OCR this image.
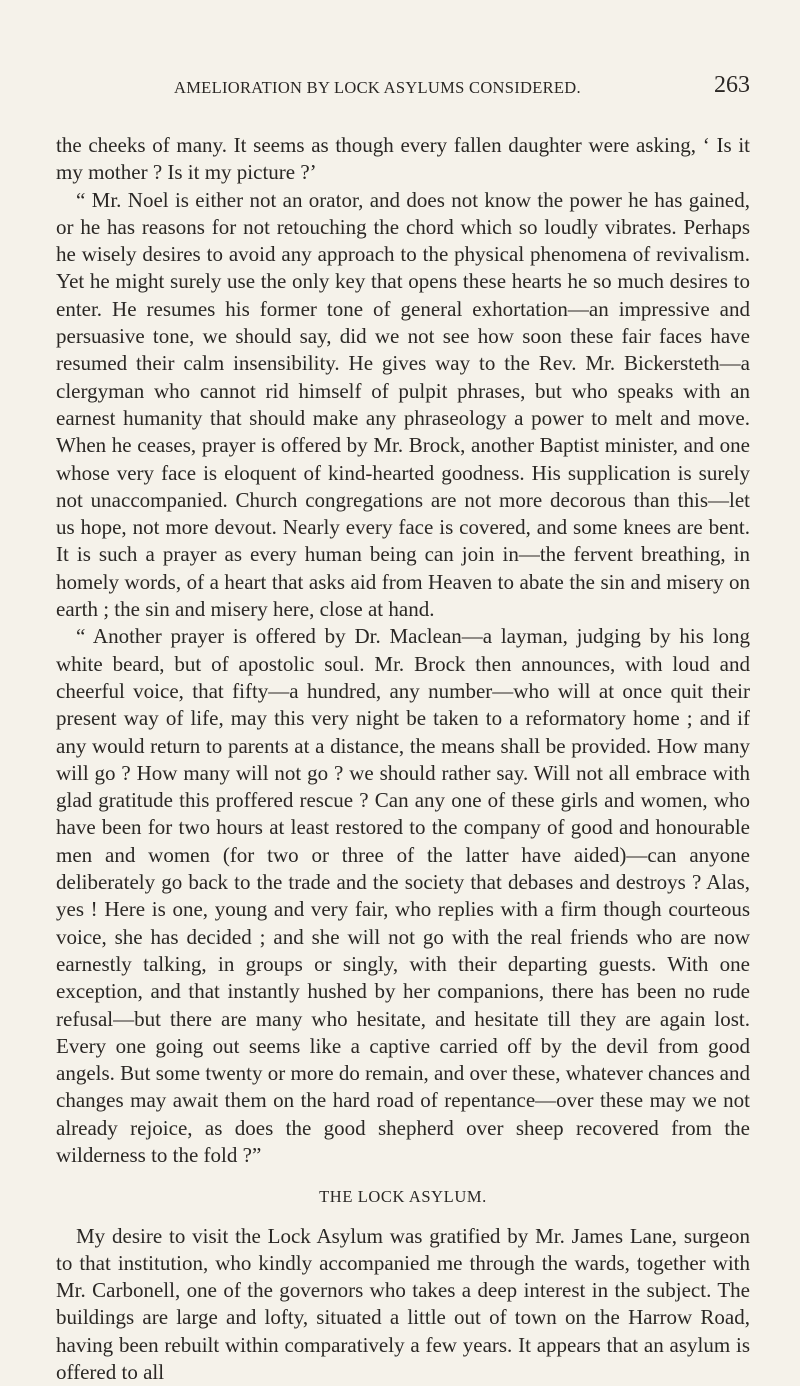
AMELIORATION BY LOCK ASYLUMS CONSIDERED.	263

the cheeks of many. It seems as though every fallen daughter were asking, ‘ Is it my mother ? Is it my picture ?’

“ Mr. Noel is either not an orator, and does not know the power he has gained, or he has reasons for not retouching the chord which so loudly vibrates. Perhaps he wisely desires to avoid any approach to the physical phenomena of revivalism. Yet he might surely use the only key that opens these hearts he so much desires to enter. He resumes his former tone of general exhortation—an impressive and persuasive tone, we should say, did we not see how soon these fair faces have resumed their calm insensibility. He gives way to the Rev. Mr. Bickersteth—a clergyman who cannot rid himself of pulpit phrases, but who speaks with an earnest humanity that should make any phraseology a power to melt and move. When he ceases, prayer is offered by Mr. Brock, another Baptist minister, and one whose very face is eloquent of kind-hearted goodness. His supplication is surely not unaccompanied. Church congregations are not more decorous than this—let us hope, not more devout. Nearly every face is covered, and some knees are bent. It is such a prayer as every human being can join in—the fervent breathing, in homely words, of a heart that asks aid from Heaven to abate the sin and misery on earth ; the sin and misery here, close at hand.

“ Another prayer is offered by Dr. Maclean—a layman, judging by his long white beard, but of apostolic soul. Mr. Brock then announces, with loud and cheerful voice, that fifty—a hundred, any number—who will at once quit their present way of life, may this very night be taken to a reformatory home ; and if any would return to parents at a distance, the means shall be provided. How many will go ? How many will not go ? we should rather say. Will not all embrace with glad gratitude this proffered rescue ? Can any one of these girls and women, who have been for two hours at least restored to the company of good and honourable men and women (for two or three of the latter have aided)—can anyone deliberately go back to the trade and the society that debases and destroys ? Alas, yes ! Here is one, young and very fair, who replies with a firm though courteous voice, she has decided ; and she will not go with the real friends who are now earnestly talking, in groups or singly, with their departing guests. With one exception, and that instantly hushed by her companions, there has been no rude refusal—but there are many who hesitate, and hesitate till they are again lost. Every one going out seems like a captive carried off by the devil from good angels. But some twenty or more do remain, and over these, whatever chances and changes may await them on the hard road of repentance—over these may we not already rejoice, as does the good shepherd over sheep recovered from the wilderness to the fold ?”

THE LOCK ASYLUM.

My desire to visit the Lock Asylum was gratified by Mr. James Lane, surgeon to that institution, who kindly accompanied me through the wards, together with Mr. Carbonell, one of the governors who takes a deep interest in the subject. The buildings are large and lofty, situated a little out of town on the Harrow Road, having been rebuilt within comparatively a few years. It appears that an asylum is offered to all
